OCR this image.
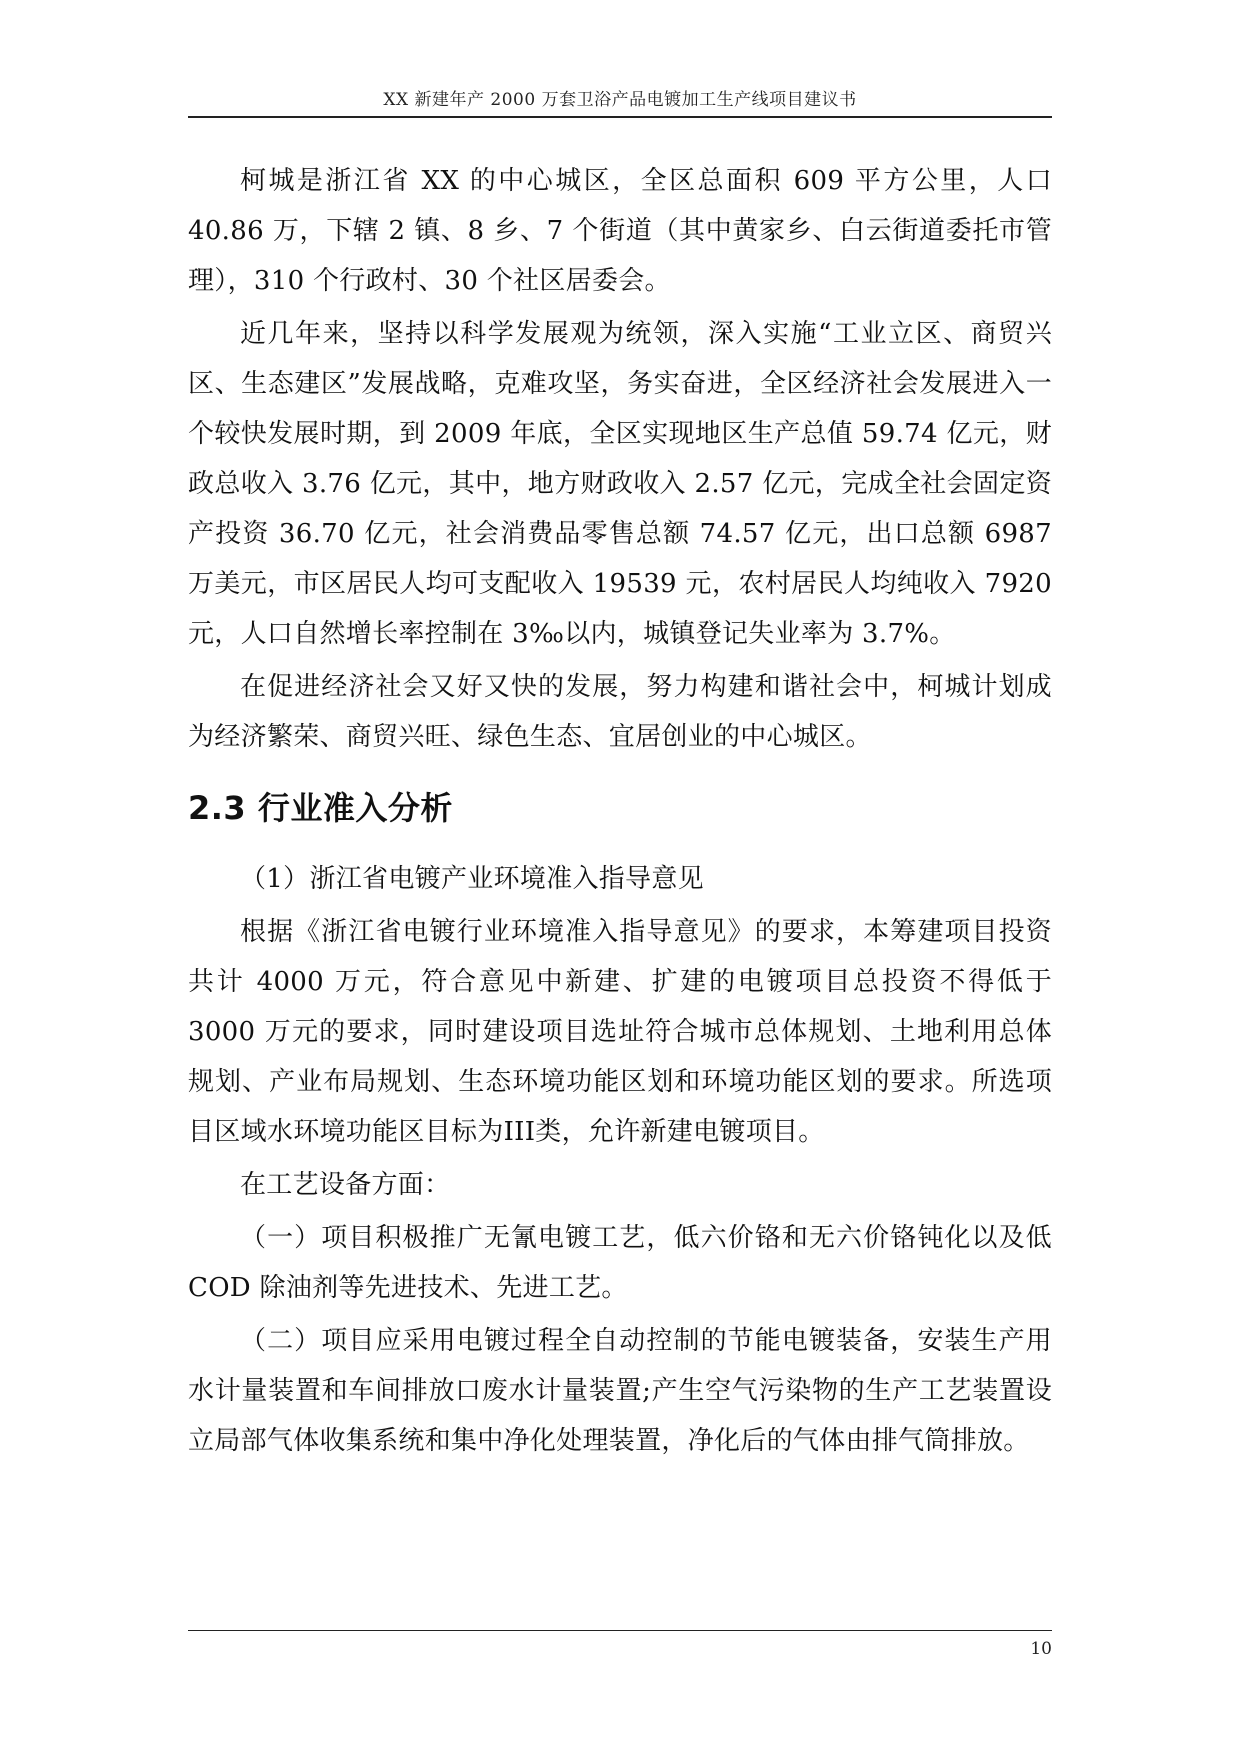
XX 新建年产 2000 万套卫浴产品电镀加工生产线项目建议书

柯城是浙江省 XX 的中心城区，全区总面积 609 平方公里，人口 40.86 万，下辖 2 镇、8 乡、7 个街道（其中黄家乡、白云街道委托市管理），310 个行政村、30 个社区居委会。

近几年来，坚持以科学发展观为统领，深入实施“工业立区、商贸兴区、生态建区”发展战略，克难攻坚，务实奋进，全区经济社会发展进入一个较快发展时期，到 2009 年底，全区实现地区生产总值 59.74 亿元，财政总收入 3.76 亿元，其中，地方财政收入 2.57 亿元，完成全社会固定资产投资 36.70 亿元，社会消费品零售总额 74.57 亿元，出口总额 6987 万美元，市区居民人均可支配收入 19539 元，农村居民人均纯收入 7920 元，人口自然增长率控制在 3‰以内，城镇登记失业率为 3.7%。

在促进经济社会又好又快的发展，努力构建和谐社会中，柯城计划成为经济繁荣、商贸兴旺、绿色生态、宜居创业的中心城区。

2.3 行业准入分析

（1）浙江省电镀产业环境准入指导意见

根据《浙江省电镀行业环境准入指导意见》的要求，本筹建项目投资共计 4000 万元，符合意见中新建、扩建的电镀项目总投资不得低于 3000 万元的要求，同时建设项目选址符合城市总体规划、土地利用总体规划、产业布局规划、生态环境功能区划和环境功能区划的要求。所选项目区域水环境功能区目标为III类，允许新建电镀项目。

在工艺设备方面：

（一）项目积极推广无氰电镀工艺，低六价铬和无六价铬钝化以及低 COD 除油剂等先进技术、先进工艺。

（二）项目应采用电镀过程全自动控制的节能电镀装备，安装生产用水计量装置和车间排放口废水计量装置;产生空气污染物的生产工艺装置设立局部气体收集系统和集中净化处理装置，净化后的气体由排气筒排放。

10
